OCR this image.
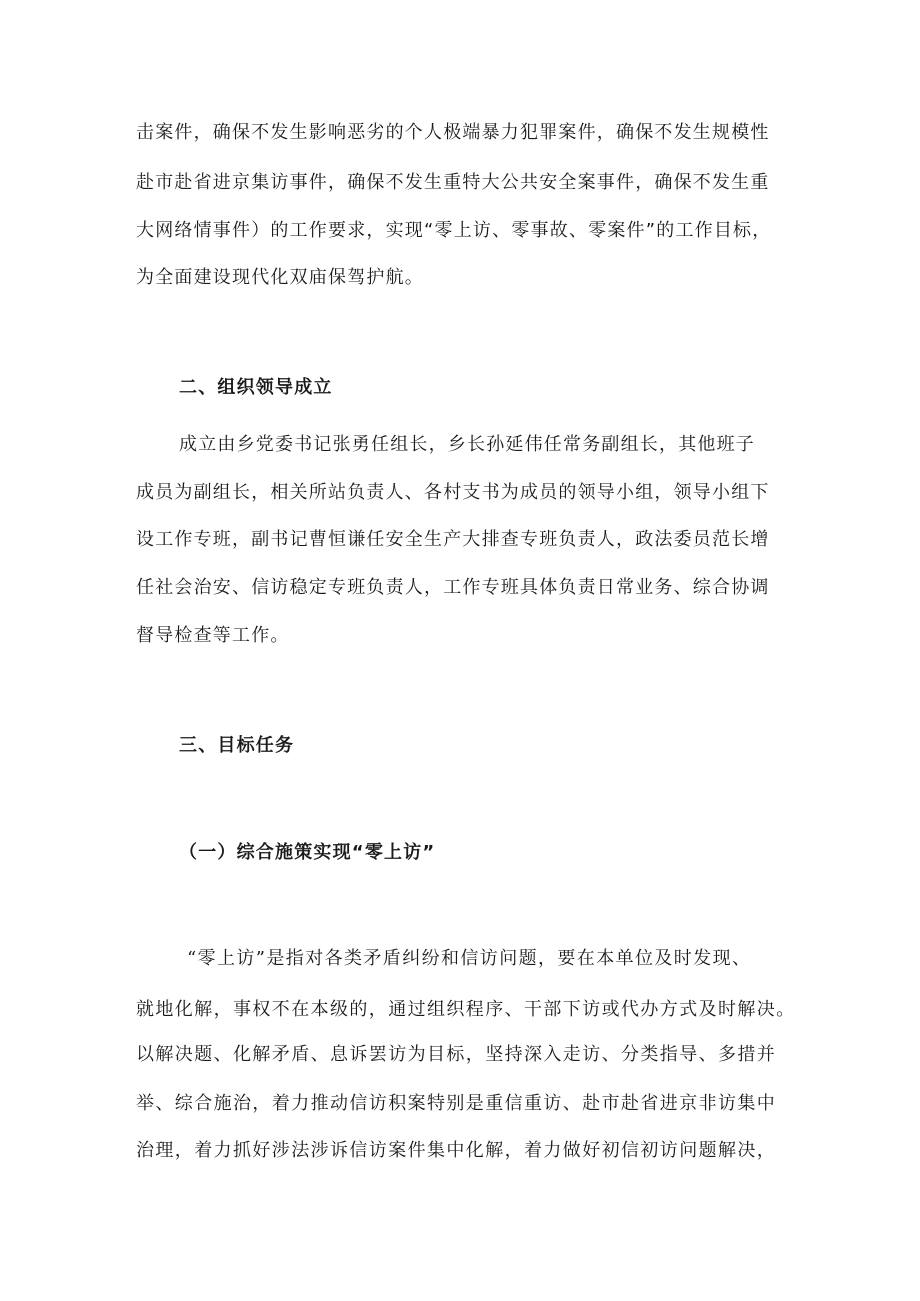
击案件，确保不发生影响恶劣的个人极端暴力犯罪案件，确保不发生规模性
赴市赴省进京集访事件，确保不发生重特大公共安全案事件，确保不发生重
大网络情事件）的工作要求，实现“零上访、零事故、零案件”的工作目标，
为全面建设现代化双庙保驾护航。
二、组织领导成立
成立由乡党委书记张勇任组长，乡长孙延伟任常务副组长，其他班子
成员为副组长，相关所站负责人、各村支书为成员的领导小组，领导小组下
设工作专班，副书记曹恒谦任安全生产大排查专班负责人，政法委员范长增
任社会治安、信访稳定专班负责人，工作专班具体负责日常业务、综合协调
督导检查等工作。
三、目标任务
（一）综合施策实现“零上访”
“零上访”是指对各类矛盾纠纷和信访问题，要在本单位及时发现、
就地化解，事权不在本级的，通过组织程序、干部下访或代办方式及时解决。
以解决题、化解矛盾、息诉罢访为目标，坚持深入走访、分类指导、多措并
举、综合施治，着力推动信访积案特别是重信重访、赴市赴省进京非访集中
治理，着力抓好涉法涉诉信访案件集中化解，着力做好初信初访问题解决，
